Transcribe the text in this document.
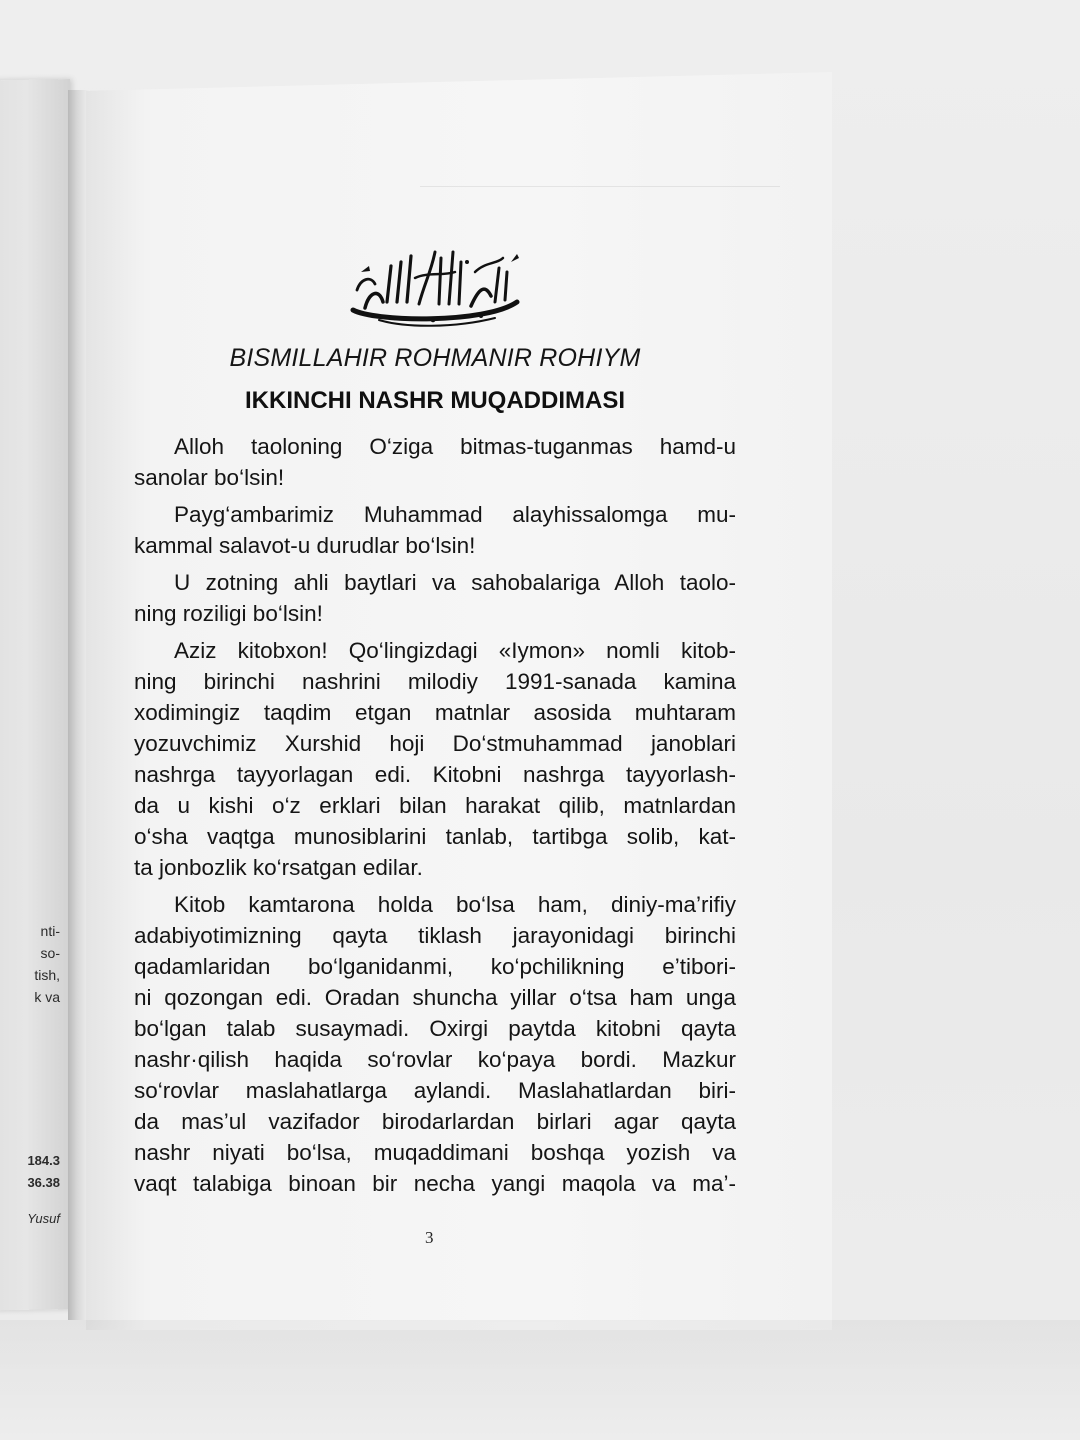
nti-
so-
tish,
k va
184.3
36.38
Yusuf
BISMILLAHIR ROHMANIR ROHIYM
IKKINCHI NASHR MUQADDIMASI
Alloh taoloning O‘ziga bitmas-tuganmas hamd-u
sanolar bo‘lsin!
Payg‘ambarimiz Muhammad alayhissalomga mu-
kammal salavot-u durudlar bo‘lsin!
U zotning ahli baytlari va sahobalariga Alloh taolo-
ning roziligi bo‘lsin!
Aziz kitobxon! Qo‘lingizdagi «Iymon» nomli kitob-
ning birinchi nashrini milodiy 1991-sanada kamina
xodimingiz taqdim etgan matnlar asosida muhtaram
yozuvchimiz Xurshid hoji Do‘stmuhammad janoblari
nashrga tayyorlagan edi. Kitobni nashrga tayyorlash-
da u kishi o‘z erklari bilan harakat qilib, matnlardan
o‘sha vaqtga munosiblarini tanlab, tartibga solib, kat-
ta jonbozlik ko‘rsatgan edilar.
Kitob kamtarona holda bo‘lsa ham, diniy-ma’rifiy
adabiyotimizning qayta tiklash jarayonidagi birinchi
qadamlaridan bo‘lganidanmi, ko‘pchilikning e’tibori-
ni qozongan edi. Oradan shuncha yillar o‘tsa ham unga
bo‘lgan talab susaymadi. Oxirgi paytda kitobni qayta
nashr·qilish haqida so‘rovlar ko‘paya bordi. Mazkur
so‘rovlar maslahatlarga aylandi. Maslahatlardan biri-
da mas’ul vazifador birodarlardan birlari agar qayta
nashr niyati bo‘lsa, muqaddimani boshqa yozish va
vaqt talabiga binoan bir necha yangi maqola va ma’-
3
